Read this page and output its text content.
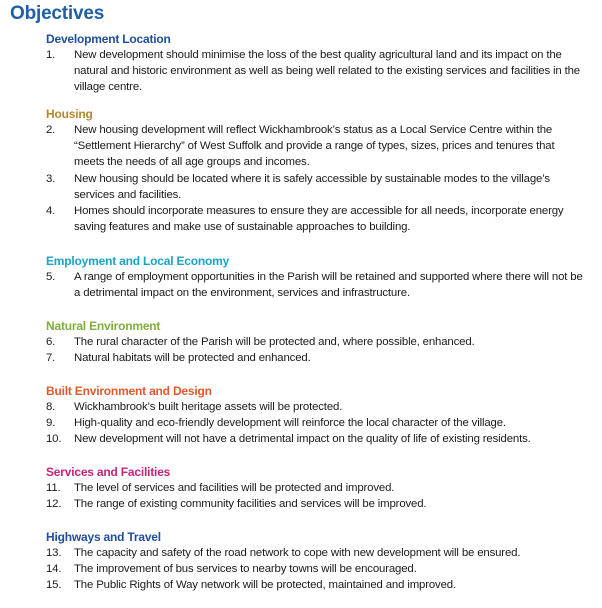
Objectives
Development Location
1. New development should minimise the loss of the best quality agricultural land and its impact on the natural and historic environment as well as being well related to the existing services and facilities in the village centre.
Housing
2. New housing development will reflect Wickhambrook’s status as a Local Service Centre within the “Settlement Hierarchy” of West Suffolk and provide a range of types, sizes, prices and tenures that meets the needs of all age groups and incomes.
3. New housing should be located where it is safely accessible by sustainable modes to the village’s services and facilities.
4. Homes should incorporate measures to ensure they are accessible for all needs, incorporate energy saving features and make use of sustainable approaches to building.
Employment and Local Economy
5. A range of employment opportunities in the Parish will be retained and supported where there will not be a detrimental impact on the environment, services and infrastructure.
Natural Environment
6. The rural character of the Parish will be protected and, where possible, enhanced.
7. Natural habitats will be protected and enhanced.
Built Environment and Design
8. Wickhambrook’s built heritage assets will be protected.
9. High-quality and eco-friendly development will reinforce the local character of the village.
10. New development will not have a detrimental impact on the quality of life of existing residents.
Services and Facilities
11. The level of services and facilities will be protected and improved.
12. The range of existing community facilities and services will be improved.
Highways and Travel
13. The capacity and safety of the road network to cope with new development will be ensured.
14. The improvement of bus services to nearby towns will be encouraged.
15. The Public Rights of Way network will be protected, maintained and improved.
